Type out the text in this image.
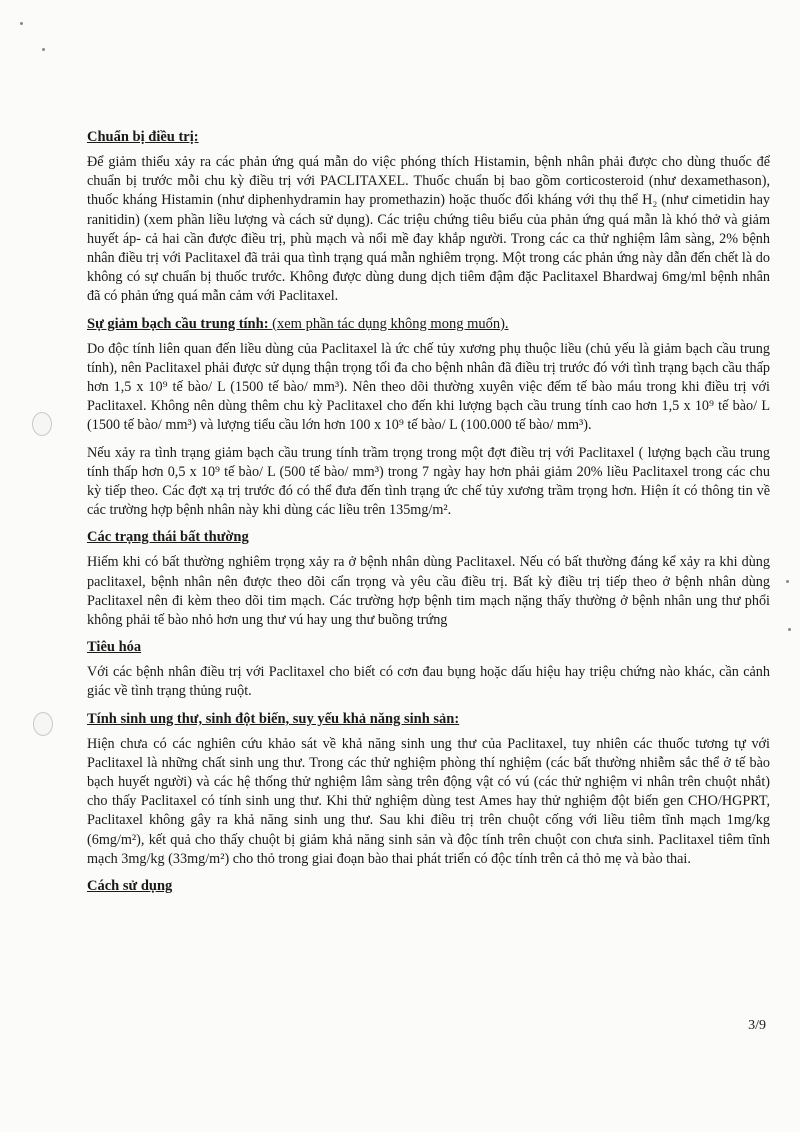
Chuẩn bị điều trị:

Để giảm thiểu xảy ra các phản ứng quá mẫn do việc phóng thích Histamin, bệnh nhân phải được cho dùng thuốc để chuẩn bị trước mỗi chu kỳ điều trị với PACLITAXEL. Thuốc chuẩn bị bao gồm corticosteroid (như dexamethason), thuốc kháng Histamin (như diphenhydramin hay promethazin) hoặc thuốc đối kháng với thụ thể H₂ (như cimetidin hay ranitidin) (xem phần liều lượng và cách sử dụng). Các triệu chứng tiêu biểu của phản ứng quá mẫn là khó thở và giảm huyết áp- cả hai cần được điều trị, phù mạch và nổi mề đay khắp người. Trong các ca thử nghiệm lâm sàng, 2% bệnh nhân điều trị với Paclitaxel đã trải qua tình trạng quá mẫn nghiêm trọng. Một trong các phản ứng này dẫn đến chết là do không có sự chuẩn bị thuốc trước. Không được dùng dung dịch tiêm đậm đặc Paclitaxel Bhardwaj 6mg/ml bệnh nhân đã có phản ứng quá mẫn cảm với Paclitaxel.

Sự giảm bạch cầu trung tính: (xem phần tác dụng không mong muốn).

Do độc tính liên quan đến liều dùng của Paclitaxel là ức chế tủy xương phụ thuộc liều (chủ yếu là giảm bạch cầu trung tính), nên Paclitaxel phải được sử dụng thận trọng tối đa cho bệnh nhân đã điều trị trước đó với tình trạng bạch cầu thấp hơn 1,5 x 10⁹ tế bào/ L (1500 tế bào/ mm³). Nên theo dõi thường xuyên việc đếm tế bào máu trong khi điều trị với Paclitaxel. Không nên dùng thêm chu kỳ Paclitaxel cho đến khi lượng bạch cầu trung tính cao hơn 1,5 x 10⁹ tế bào/ L (1500 tế bào/ mm³) và lượng tiểu cầu lớn hơn 100 x 10⁹ tế bào/ L (100.000 tế bào/ mm³).

Nếu xảy ra tình trạng giảm bạch cầu trung tính trầm trọng trong một đợt điều trị với Paclitaxel ( lượng bạch cầu trung tính thấp hơn 0,5 x 10⁹ tế bào/ L (500 tế bào/ mm³) trong 7 ngày hay hơn phải giảm 20% liều Paclitaxel trong các chu kỳ tiếp theo. Các đợt xạ trị trước đó có thể đưa đến tình trạng ức chế tủy xương trầm trọng hơn. Hiện ít có thông tin về các trường hợp bệnh nhân này khi dùng các liều trên 135mg/m².

Các trạng thái bất thường

Hiếm khi có bất thường nghiêm trọng xảy ra ở bệnh nhân dùng Paclitaxel. Nếu có bất thường đáng kể xảy ra khi dùng paclitaxel, bệnh nhân nên được theo dõi cẩn trọng và yêu cầu điều trị. Bất kỳ điều trị tiếp theo ở bệnh nhân dùng Paclitaxel nên đi kèm theo dõi tim mạch. Các trường hợp bệnh tim mạch nặng thấy thường ở bệnh nhân ung thư phổi không phải tế bào nhỏ hơn ung thư vú hay ung thư buồng trứng

Tiêu hóa

Với các bệnh nhân điều trị với Paclitaxel cho biết có cơn đau bụng hoặc dấu hiệu hay triệu chứng nào khác, cần cảnh giác về tình trạng thủng ruột.

Tính sinh ung thư, sinh đột biến, suy yếu khả năng sinh sản:

Hiện chưa có các nghiên cứu khảo sát về khả năng sinh ung thư của Paclitaxel, tuy nhiên các thuốc tương tự với Paclitaxel là những chất sinh ung thư. Trong các thử nghiệm phòng thí nghiệm (các bất thường nhiễm sắc thể ở tế bào bạch huyết người) và các hệ thống thử nghiệm lâm sàng trên động vật có vú (các thử nghiệm vi nhân trên chuột nhắt) cho thấy Paclitaxel có tính sinh ung thư. Khi thử nghiệm dùng test Ames hay thử nghiệm đột biến gen CHO/HGPRT, Paclitaxel không gây ra khả năng sinh ung thư. Sau khi điều trị trên chuột cống với liều tiêm tĩnh mạch 1mg/kg (6mg/m²), kết quả cho thấy chuột bị giảm khả năng sinh sản và độc tính trên chuột con chưa sinh. Paclitaxel tiêm tĩnh mạch 3mg/kg (33mg/m²) cho thỏ trong giai đoạn bào thai phát triển có độc tính trên cả thỏ mẹ và bào thai.

Cách sử dụng
3/9
